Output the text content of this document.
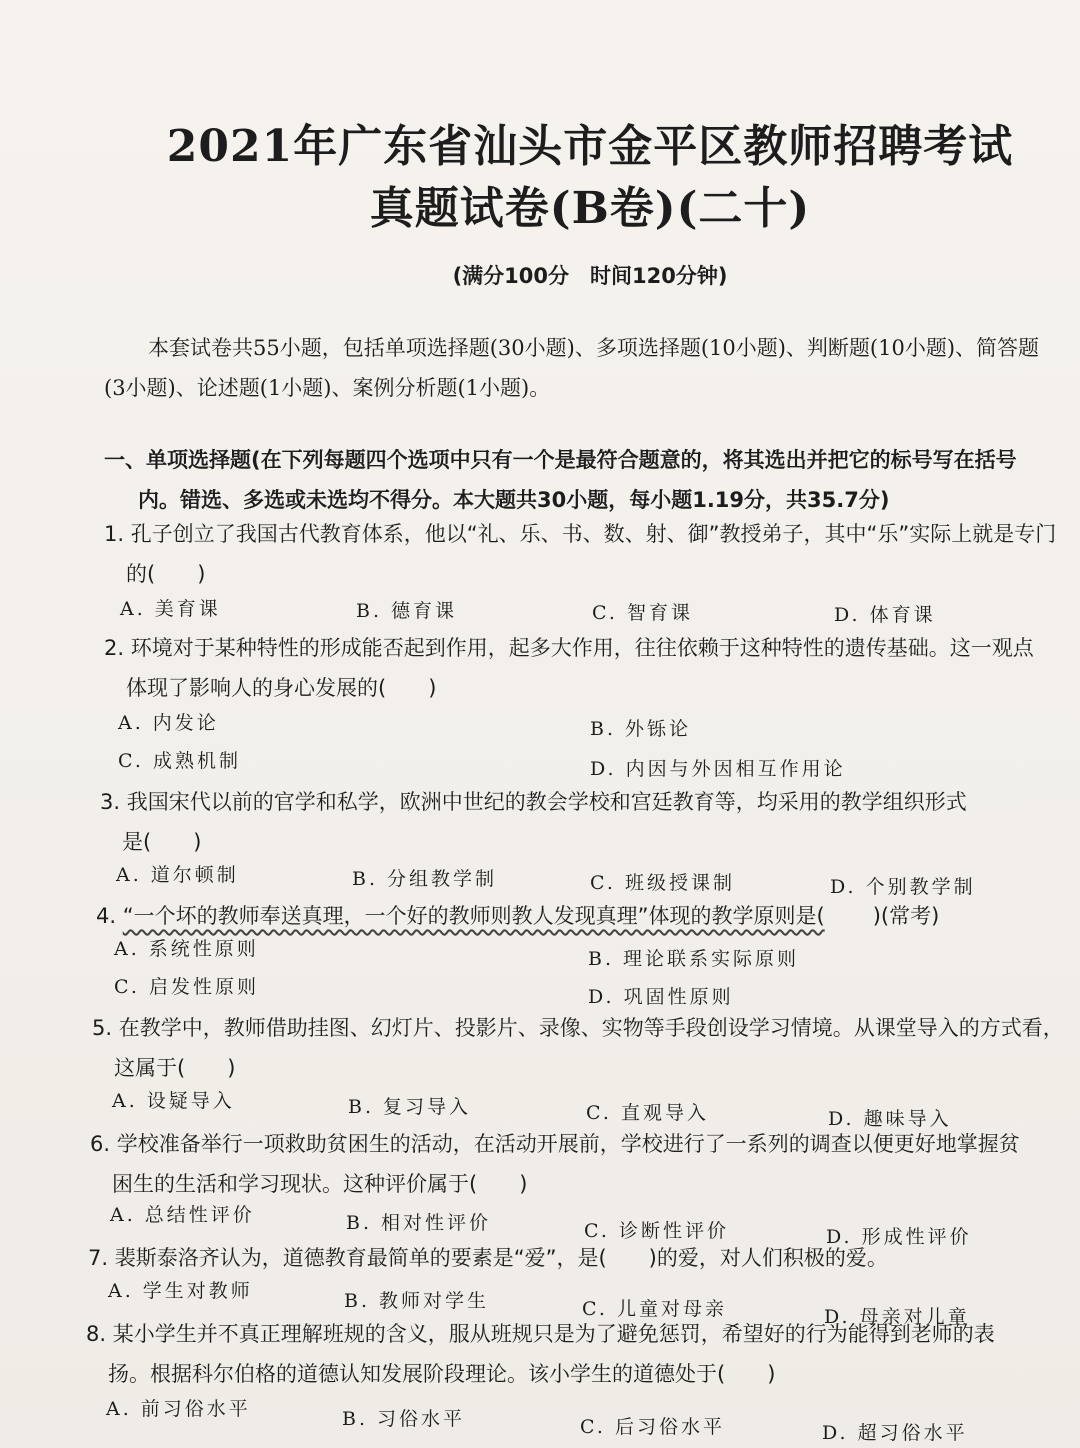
2021年广东省汕头市金平区教师招聘考试
真题试卷(B卷)(二十)
(满分100分　时间120分钟)
本套试卷共55小题，包括单项选择题(30小题)、多项选择题(10小题)、判断题(10小题)、简答题
(3小题)、论述题(1小题)、案例分析题(1小题)。
一、单项选择题(在下列每题四个选项中只有一个是最符合题意的，将其选出并把它的标号写在括号
内。错选、多选或未选均不得分。本大题共30小题，每小题1.19分，共35.7分)
1. 孔子创立了我国古代教育体系，他以“礼、乐、书、数、射、御”教授弟子，其中“乐”实际上就是专门
的(　　)
A. 美育课	B. 德育课	C. 智育课	D. 体育课
2. 环境对于某种特性的形成能否起到作用，起多大作用，往往依赖于这种特性的遗传基础。这一观点
体现了影响人的身心发展的(　　)
A. 内发论	B. 外铄论
C. 成熟机制	D. 内因与外因相互作用论
3. 我国宋代以前的官学和私学，欧洲中世纪的教会学校和宫廷教育等，均采用的教学组织形式
是(　　)
A. 道尔顿制	B. 分组教学制	C. 班级授课制	D. 个别教学制
4. “一个坏的教师奉送真理，一个好的教师则教人发现真理”体现的教学原则是( )(常考)
A. 系统性原则	B. 理论联系实际原则
C. 启发性原则	D. 巩固性原则
5. 在教学中，教师借助挂图、幻灯片、投影片、录像、实物等手段创设学习情境。从课堂导入的方式看，
这属于(　　)
A. 设疑导入	B. 复习导入	C. 直观导入	D. 趣味导入
6. 学校准备举行一项救助贫困生的活动，在活动开展前，学校进行了一系列的调查以便更好地掌握贫
困生的生活和学习现状。这种评价属于(　　)
A. 总结性评价	B. 相对性评价	C. 诊断性评价	D. 形成性评价
7. 裴斯泰洛齐认为，道德教育最简单的要素是“爱”，是(　　)的爱，对人们积极的爱。
A. 学生对教师	B. 教师对学生	C. 儿童对母亲	D. 母亲对儿童
8. 某小学生并不真正理解班规的含义，服从班规只是为了避免惩罚，希望好的行为能得到老师的表
扬。根据科尔伯格的道德认知发展阶段理论。该小学生的道德处于(　　)
A. 前习俗水平	B. 习俗水平	C. 后习俗水平	D. 超习俗水平
